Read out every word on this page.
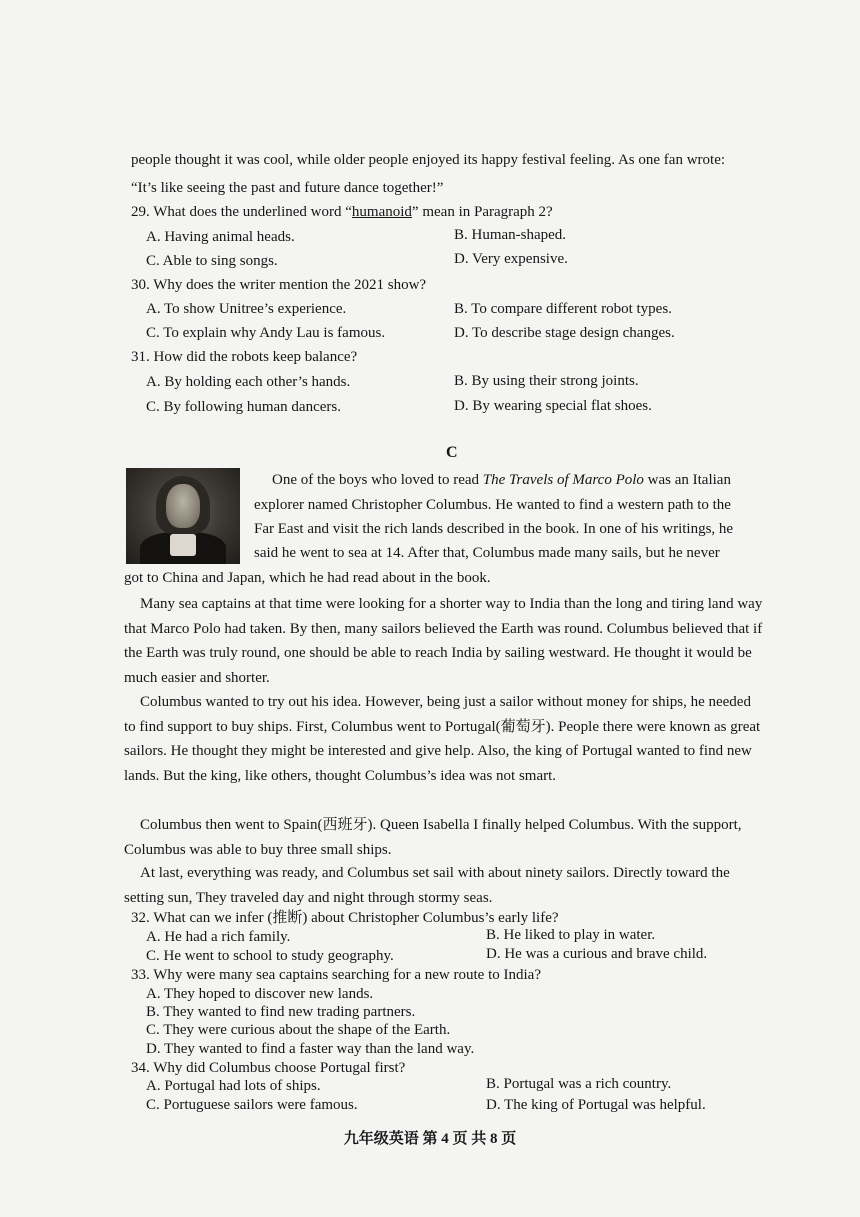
people thought it was cool, while older people enjoyed its happy festival feeling. As one fan wrote:
“It’s like seeing the past and future dance together!”
29. What does the underlined word “humanoid” mean in Paragraph 2?
A. Having animal heads.	B. Human-shaped.
C. Able to sing songs.	D. Very expensive.
30. Why does the writer mention the 2021 show?
A. To show Unitree’s experience.	B. To compare different robot types.
C. To explain why Andy Lau is famous.	D. To describe stage design changes.
31. How did the robots keep balance?
A. By holding each other’s hands.	B. By using their strong joints.
C. By following human dancers.	D. By wearing special flat shoes.
C
One of the boys who loved to read The Travels of Marco Polo was an Italian
explorer named Christopher Columbus. He wanted to find a western path to the
Far East and visit the rich lands described in the book. In one of his writings, he
said he went to sea at 14. After that, Columbus made many sails, but he never
got to China and Japan, which he had read about in the book.
Many sea captains at that time were looking for a shorter way to India than the long and tiring land way that Marco Polo had taken. By then, many sailors believed the Earth was round. Columbus believed that if the Earth was truly round, one should be able to reach India by sailing westward. He thought it would be much easier and shorter.
Columbus wanted to try out his idea. However, being just a sailor without money for ships, he needed to find support to buy ships. First, Columbus went to Portugal(葡萄牙). People there were known as great sailors. He thought they might be interested and give help. Also, the king of Portugal wanted to find new lands. But the king, like others, thought Columbus’s idea was not smart.
Columbus then went to Spain(西班牙). Queen Isabella I finally helped Columbus. With the support, Columbus was able to buy three small ships.
At last, everything was ready, and Columbus set sail with about ninety sailors. Directly toward the setting sun, They traveled day and night through stormy seas.
32. What can we infer (推断) about Christopher Columbus’s early life?
A. He had a rich family.	B. He liked to play in water.
C. He went to school to study geography.	D. He was a curious and brave child.
33. Why were many sea captains searching for a new route to India?
A. They hoped to discover new lands.
B. They wanted to find new trading partners.
C. They were curious about the shape of the Earth.
D. They wanted to find a faster way than the land way.
34. Why did Columbus choose Portugal first?
A. Portugal had lots of ships.	B. Portugal was a rich country.
C. Portuguese sailors were famous.	D. The king of Portugal was helpful.
九年级英语 第 4 页 共 8 页
